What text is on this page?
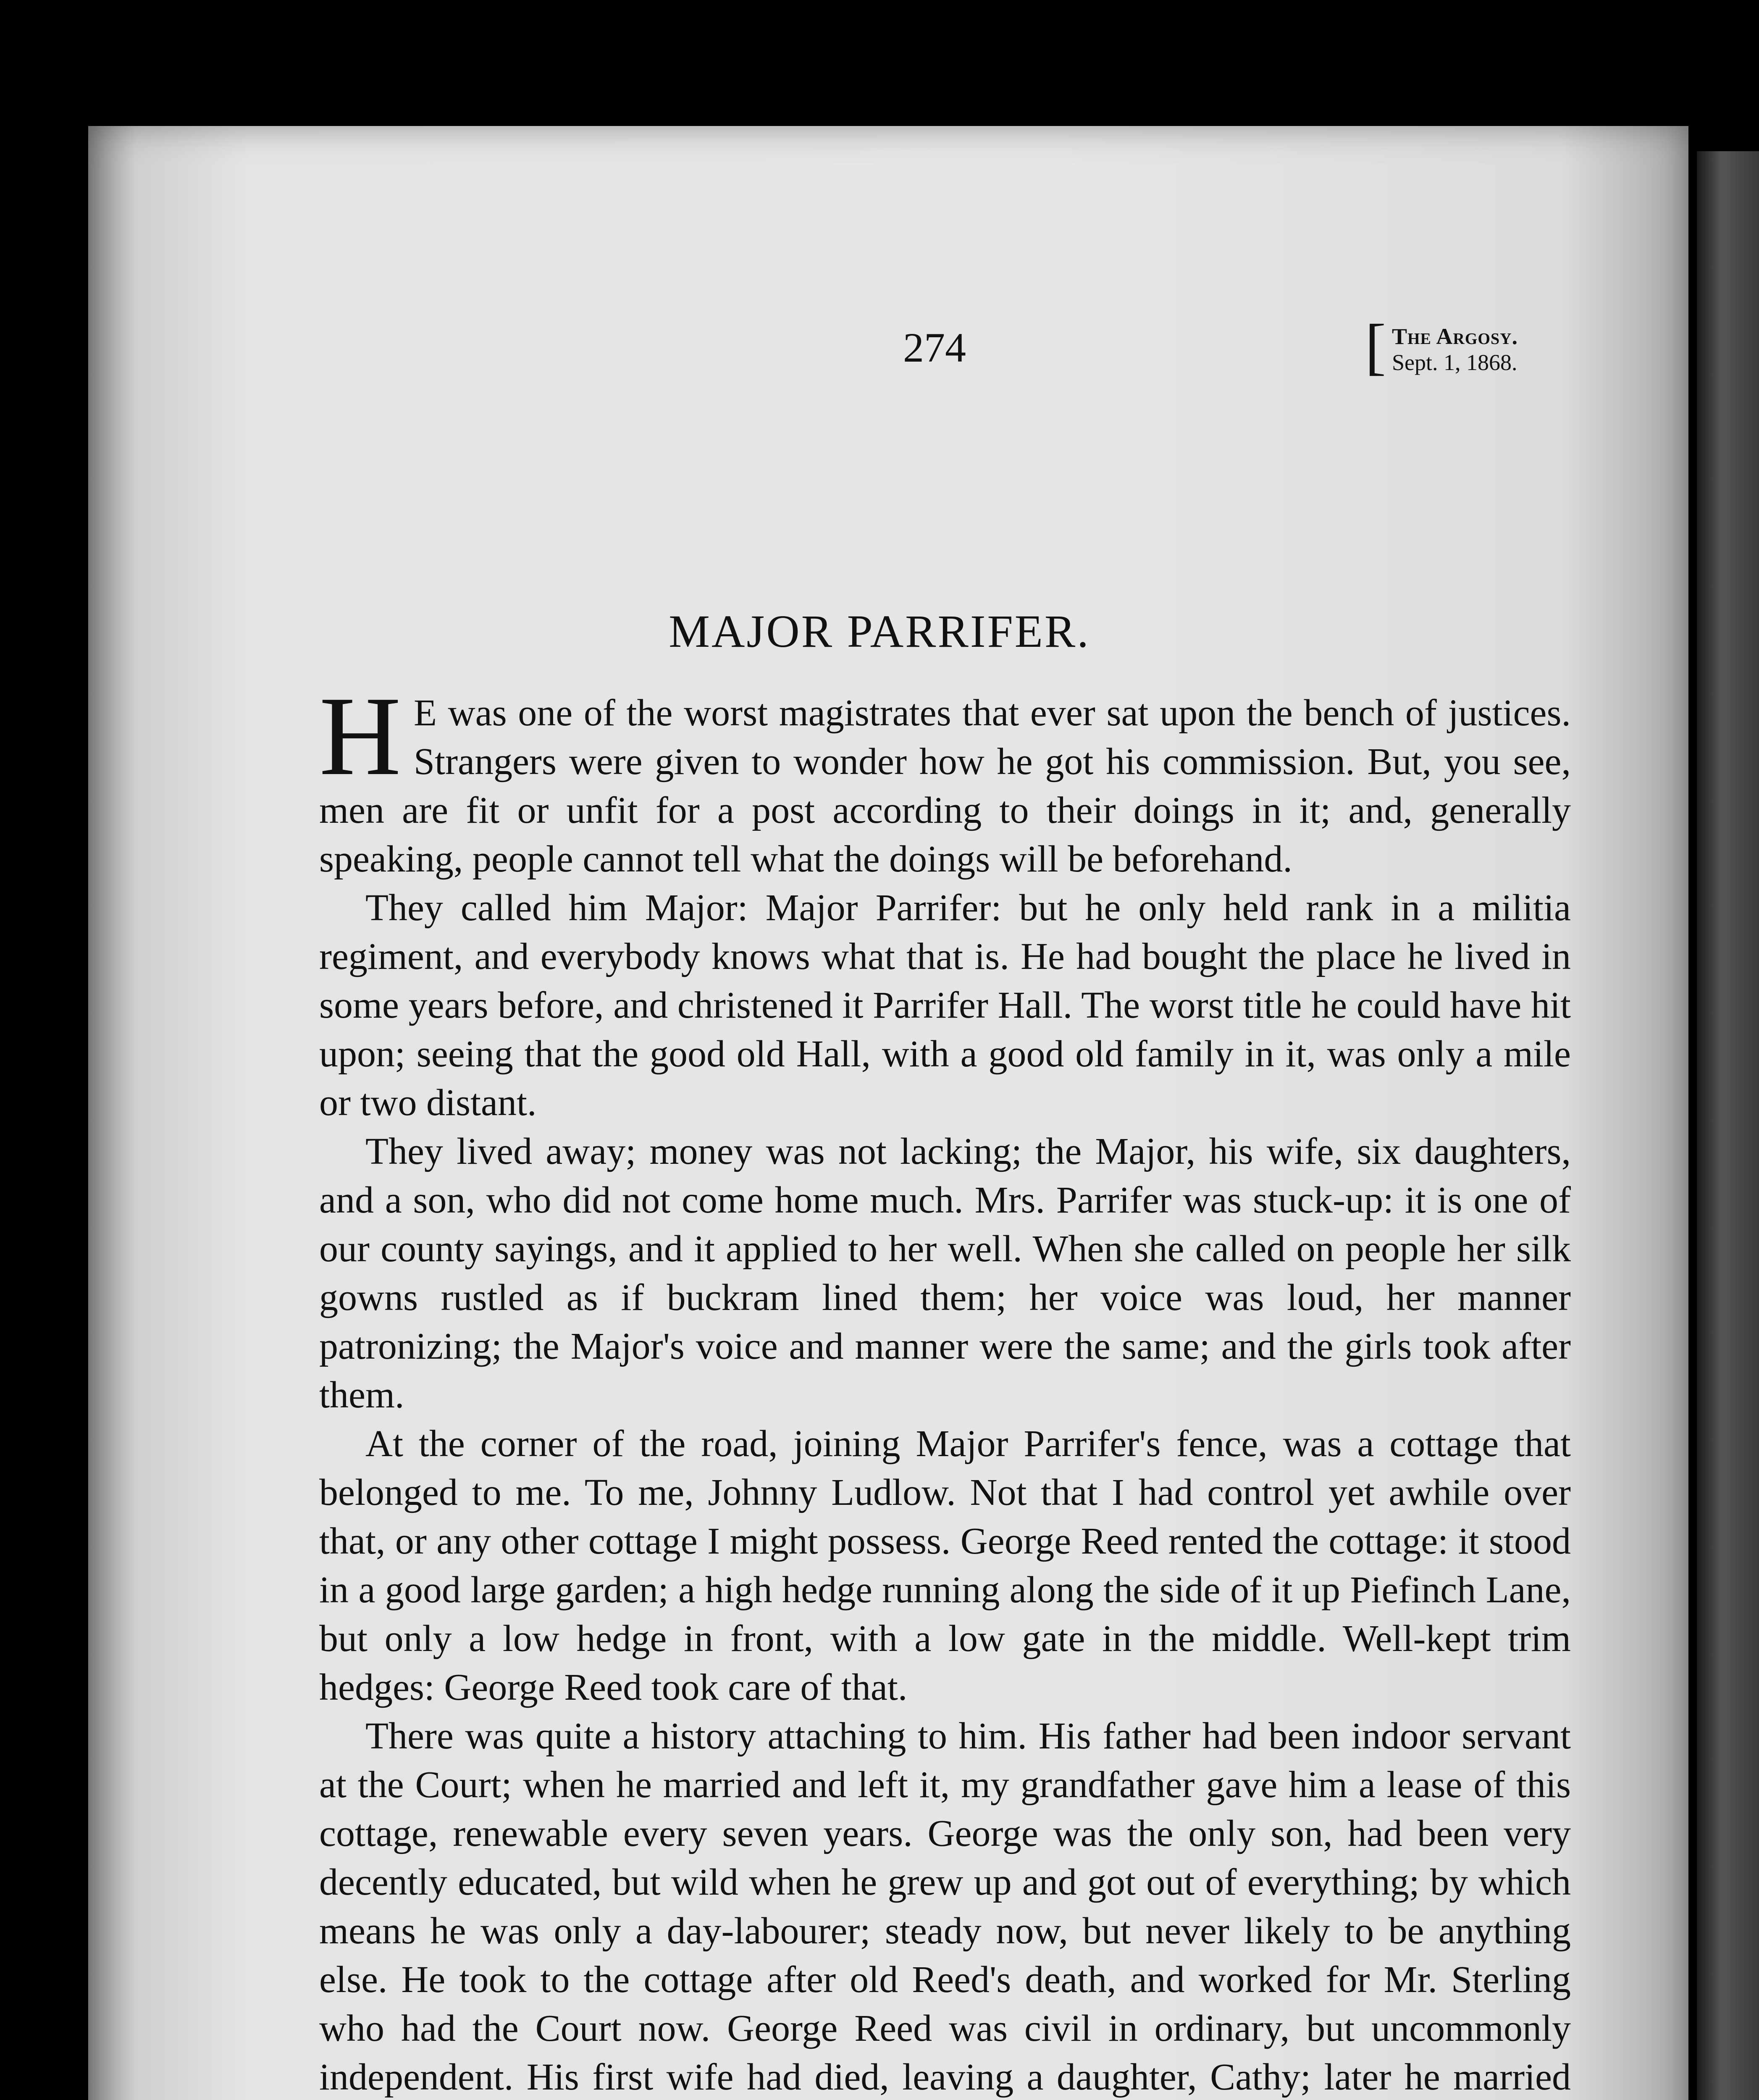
274	[ The Argosy.
Sept. 1, 1868.
MAJOR PARRIFER.

H E was one of the worst magistrates that ever sat upon the bench of justices. Strangers were given to wonder how he got his commission. But, you see, men are fit or unfit for a post according to their doings in it; and, generally speaking, people cannot tell what the doings will be beforehand.

They called him Major: Major Parrifer: but he only held rank in a militia regiment, and everybody knows what that is. He had bought the place he lived in some years before, and christened it Parrifer Hall. The worst title he could have hit upon; seeing that the good old Hall, with a good old family in it, was only a mile or two distant.

They lived away; money was not lacking; the Major, his wife, six daughters, and a son, who did not come home much. Mrs. Parrifer was stuck-up: it is one of our county sayings, and it applied to her well. When she called on people her silk gowns rustled as if buckram lined them; her voice was loud, her manner patronizing; the Major's voice and manner were the same; and the girls took after them.

At the corner of the road, joining Major Parrifer's fence, was a cottage that belonged to me. To me, Johnny Ludlow. Not that I had control yet awhile over that, or any other cottage I might possess. George Reed rented the cottage: it stood in a good large garden; a high hedge running along the side of it up Piefinch Lane, but only a low hedge in front, with a low gate in the middle. Well-kept trim hedges: George Reed took care of that.

There was quite a history attaching to him. His father had been indoor servant at the Court; when he married and left it, my grandfather gave him a lease of this cottage, renewable every seven years. George was the only son, had been very decently educated, but wild when he grew up and got out of everything; by which means he was only a day-labourer; steady now, but never likely to be anything else. He took to the cottage after old Reed's death, and worked for Mr. Sterling who had the Court now. George Reed was civil in ordinary, but uncommonly independent. His first wife had died, leaving a daughter, Cathy; later he married
